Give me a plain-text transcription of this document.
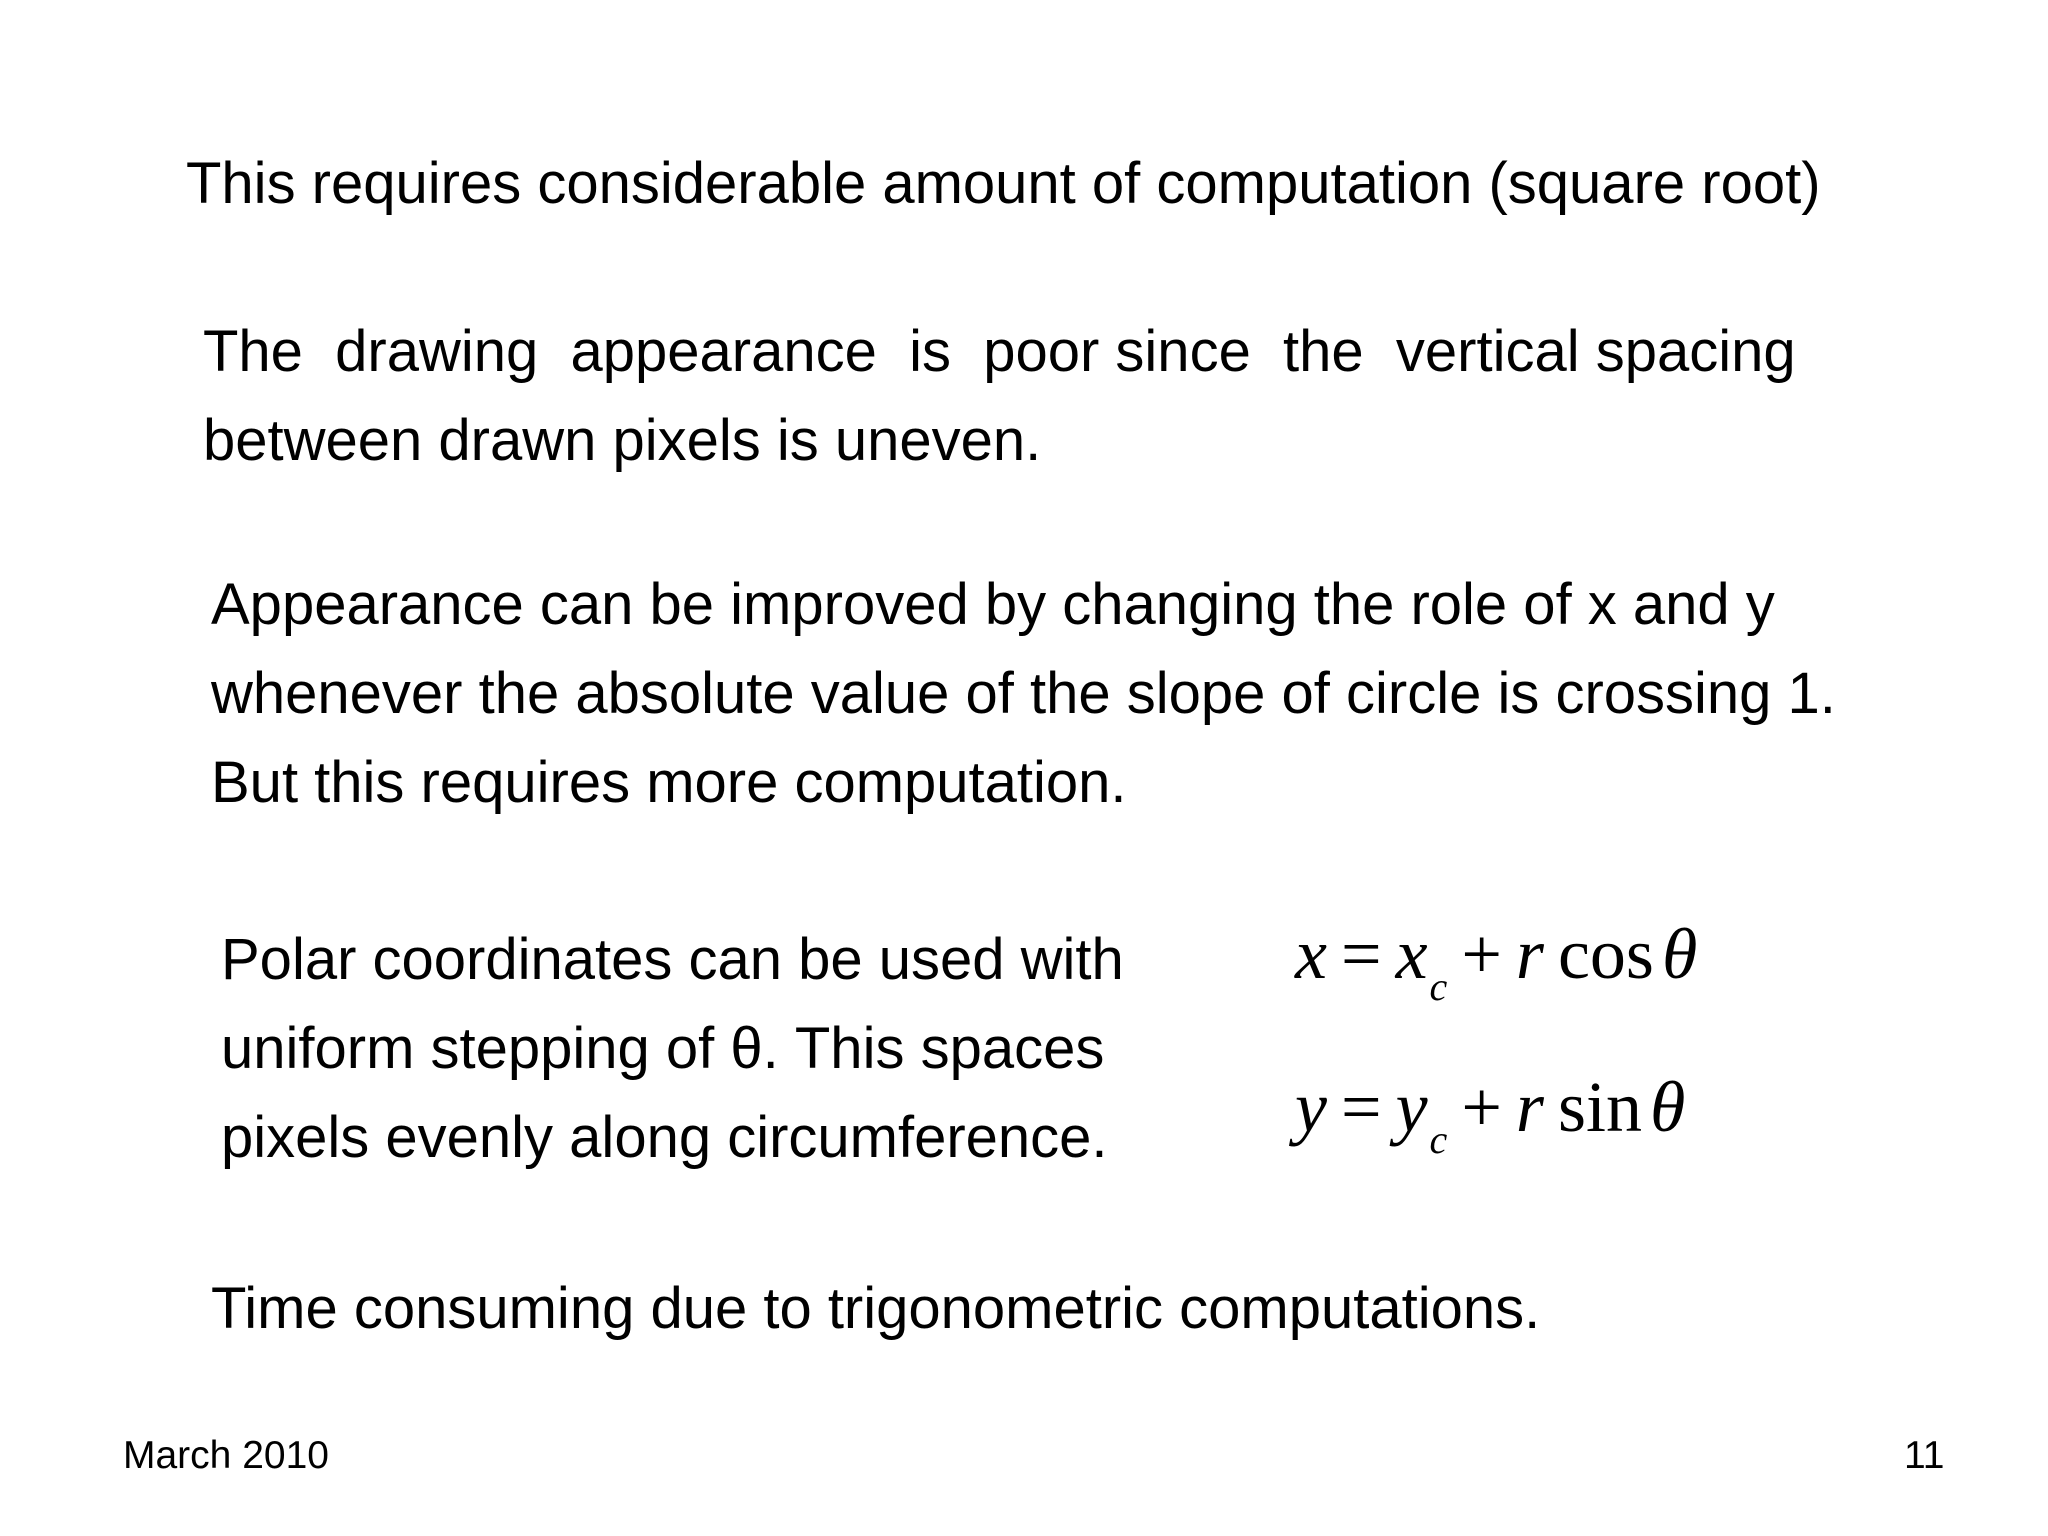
This requires considerable amount of computation (square root)
The  drawing  appearance  is  poor since  the  vertical spacing
between drawn pixels is uneven.
Appearance can be improved by changing the role of x and y
whenever the absolute value of the slope of circle is crossing 1.
But this requires more computation.
Polar coordinates can be used with
uniform stepping of θ. This spaces
pixels evenly along circumference.
$x = x_c + r$ cos θ
$y = y_c + r$ sin θ
Time consuming due to trigonometric computations.
March 2010	11
